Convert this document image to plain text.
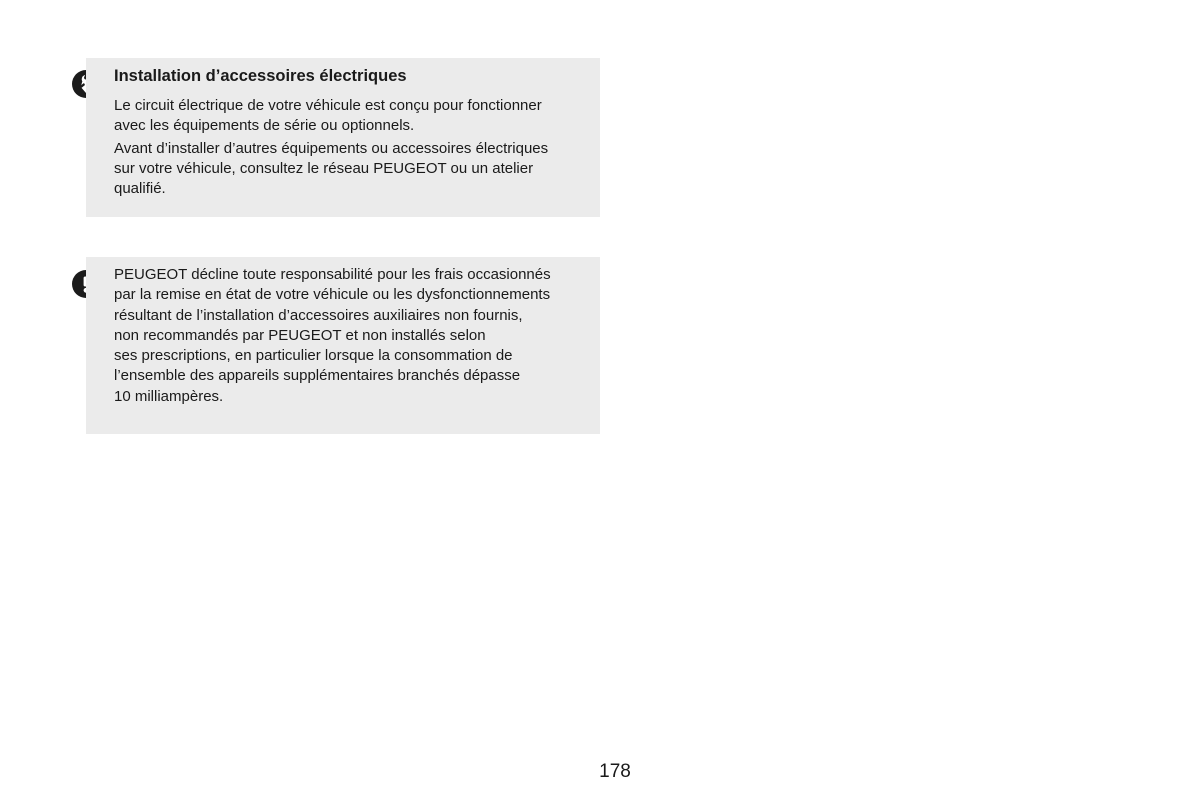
Installation d’accessoires électriques

Le circuit électrique de votre véhicule est conçu pour fonctionner
avec les équipements de série ou optionnels.

Avant d’installer d’autres équipements ou accessoires électriques
sur votre véhicule, consultez le réseau PEUGEOT ou un atelier
qualifié.

PEUGEOT décline toute responsabilité pour les frais occasionnés
par la remise en état de votre véhicule ou les dysfonctionnements
résultant de l’installation d’accessoires auxiliaires non fournis,
non recommandés par PEUGEOT et non installés selon
ses prescriptions, en particulier lorsque la consommation de
l’ensemble des appareils supplémentaires branchés dépasse
10 milliampères.

178
